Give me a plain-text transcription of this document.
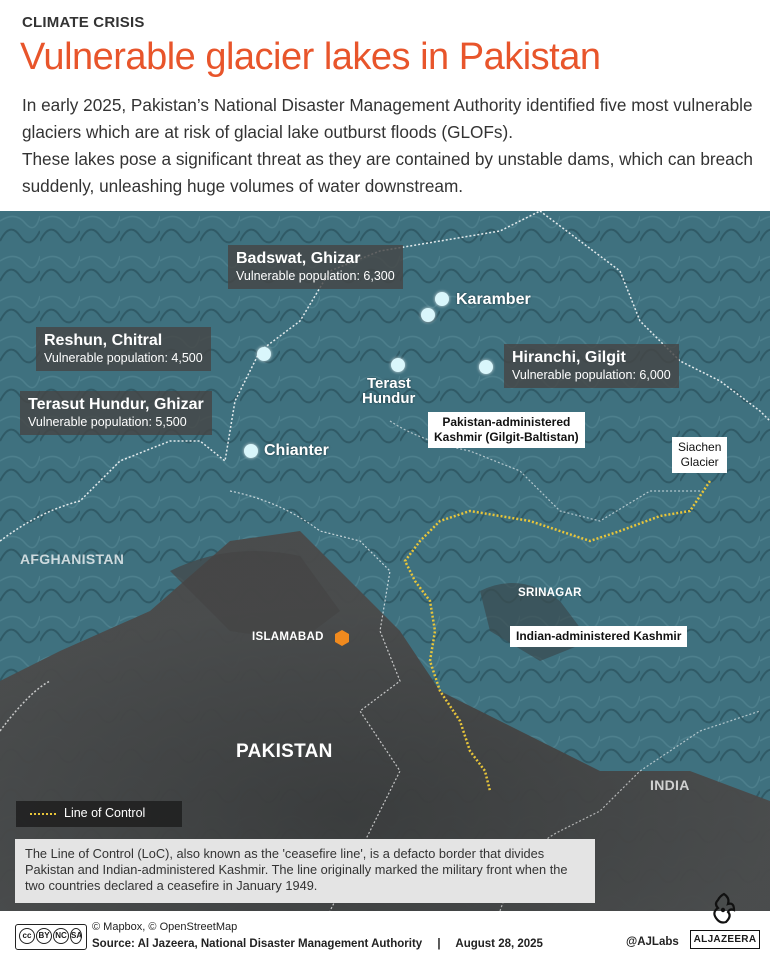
CLIMATE CRISIS
Vulnerable glacier lakes in Pakistan

In early 2025, Pakistan’s National Disaster Management Authority identified five most vulnerable glaciers which are at risk of glacial lake outburst floods (GLOFs).

These lakes pose a significant threat as they are contained by unstable dams, which can breach suddenly, unleashing huge volumes of water downstream.

Badswat, Ghizar
Vulnerable population: 6,300
Reshun, Chitral
Vulnerable population: 4,500
Terasut Hundur, Ghizar
Vulnerable population: 5,500
Hiranchi, Gilgit
Vulnerable population: 6,000
Karamber
Terast
Hundur
Chianter
Pakistan-administered
Kashmir (Gilgit-Baltistan)
Siachen
Glacier
Indian-administered Kashmir
AFGHANISTAN
PAKISTAN
INDIA
SRINAGAR
ISLAMABAD
Line of Control
The Line of Control (LoC), also known as the 'ceasefire line', is a defacto border that divides Pakistan and Indian-administered Kashmir. The line originally marked the military front when the two countries declared a ceasefire in January 1949.
cc BY NC SA
© Mapbox, © OpenStreetMap
Source: Al Jazeera, National Disaster Management Authority | August 28, 2025	@AJLabs	ALJAZEERA
